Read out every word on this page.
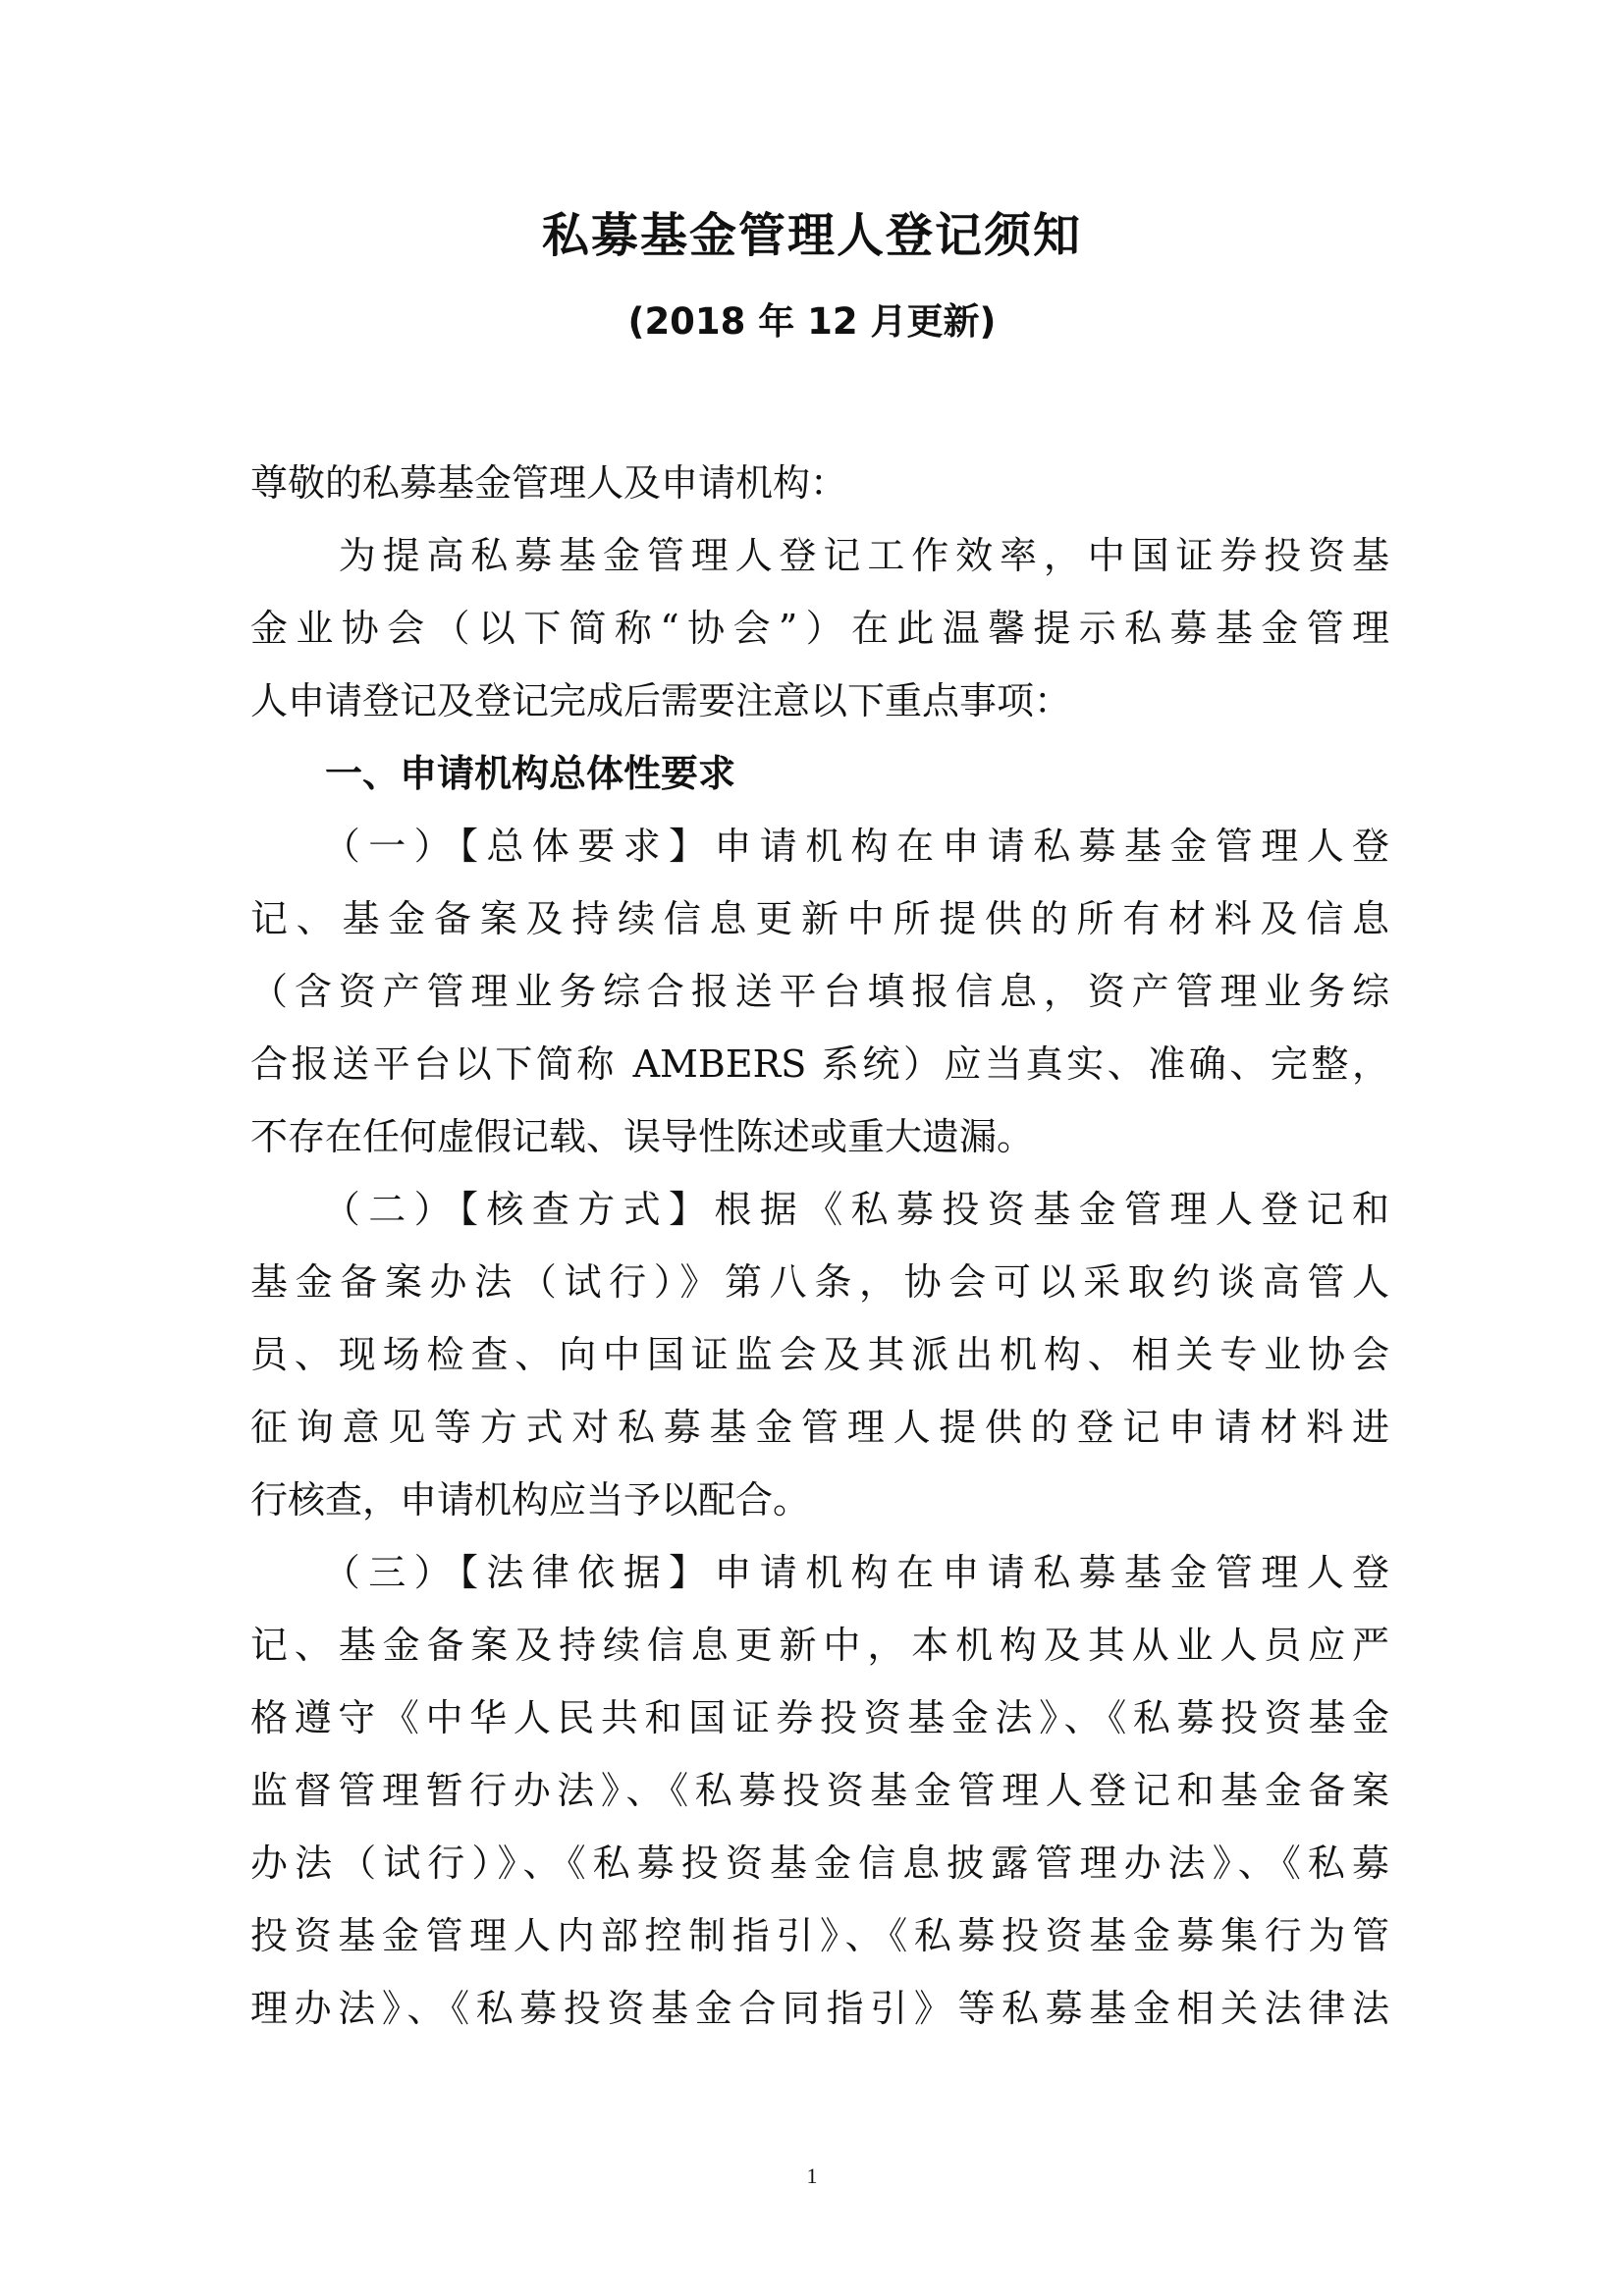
私募基金管理人登记须知
(2018 年 12 月更新)
尊敬的私募基金管理人及申请机构：
　　为提高私募基金管理人登记工作效率，中国证券投资基
金业协会（以下简称“协会”）在此温馨提示私募基金管理
人申请登记及登记完成后需要注意以下重点事项：
　　一、申请机构总体性要求
　　（一）【总体要求】申请机构在申请私募基金管理人登
记、基金备案及持续信息更新中所提供的所有材料及信息
（含资产管理业务综合报送平台填报信息，资产管理业务综
合报送平台以下简称 AMBERS 系统）应当真实、准确、完整，
不存在任何虚假记载、误导性陈述或重大遗漏。
　　（二）【核查方式】根据《私募投资基金管理人登记和
基金备案办法（试行）》第八条，协会可以采取约谈高管人
员、现场检查、向中国证监会及其派出机构、相关专业协会
征询意见等方式对私募基金管理人提供的登记申请材料进
行核查，申请机构应当予以配合。
　　（三）【法律依据】申请机构在申请私募基金管理人登
记、基金备案及持续信息更新中，本机构及其从业人员应严
格遵守《中华人民共和国证券投资基金法》、《私募投资基金
监督管理暂行办法》、《私募投资基金管理人登记和基金备案
办法（试行）》、《私募投资基金信息披露管理办法》、《私募
投资基金管理人内部控制指引》、《私募投资基金募集行为管
理办法》、《私募投资基金合同指引》等私募基金相关法律法
1
